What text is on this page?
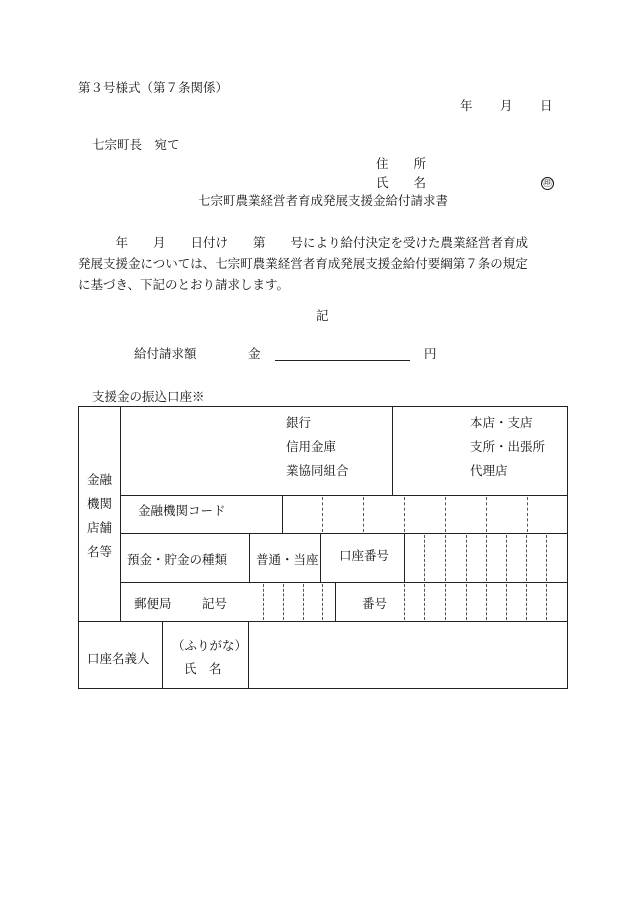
第３号様式（第７条関係）
年 月 日
七宗町長　宛て
住　　所
氏　　名	㊞
七宗町農業経営者育成発展支援金給付請求書
　　　年　　月　　日付け　　第　　号により給付決定を受けた農業経営者育成
発展支援金については、七宗町農業経営者育成発展支援金給付要綱第７条の規定
に基づき、下記のとおり請求します。
記
給付請求額	金	円
支援金の振込口座※
金融
機関
店舗
名等
銀行
信用金庫
業協同組合
本店・支店
支所・出張所
代理店
金融機関コード
預金・貯金の種類 普通・当座 口座番号
郵便局 記号	番号
口座名義人
（ふりがな）
氏　名
